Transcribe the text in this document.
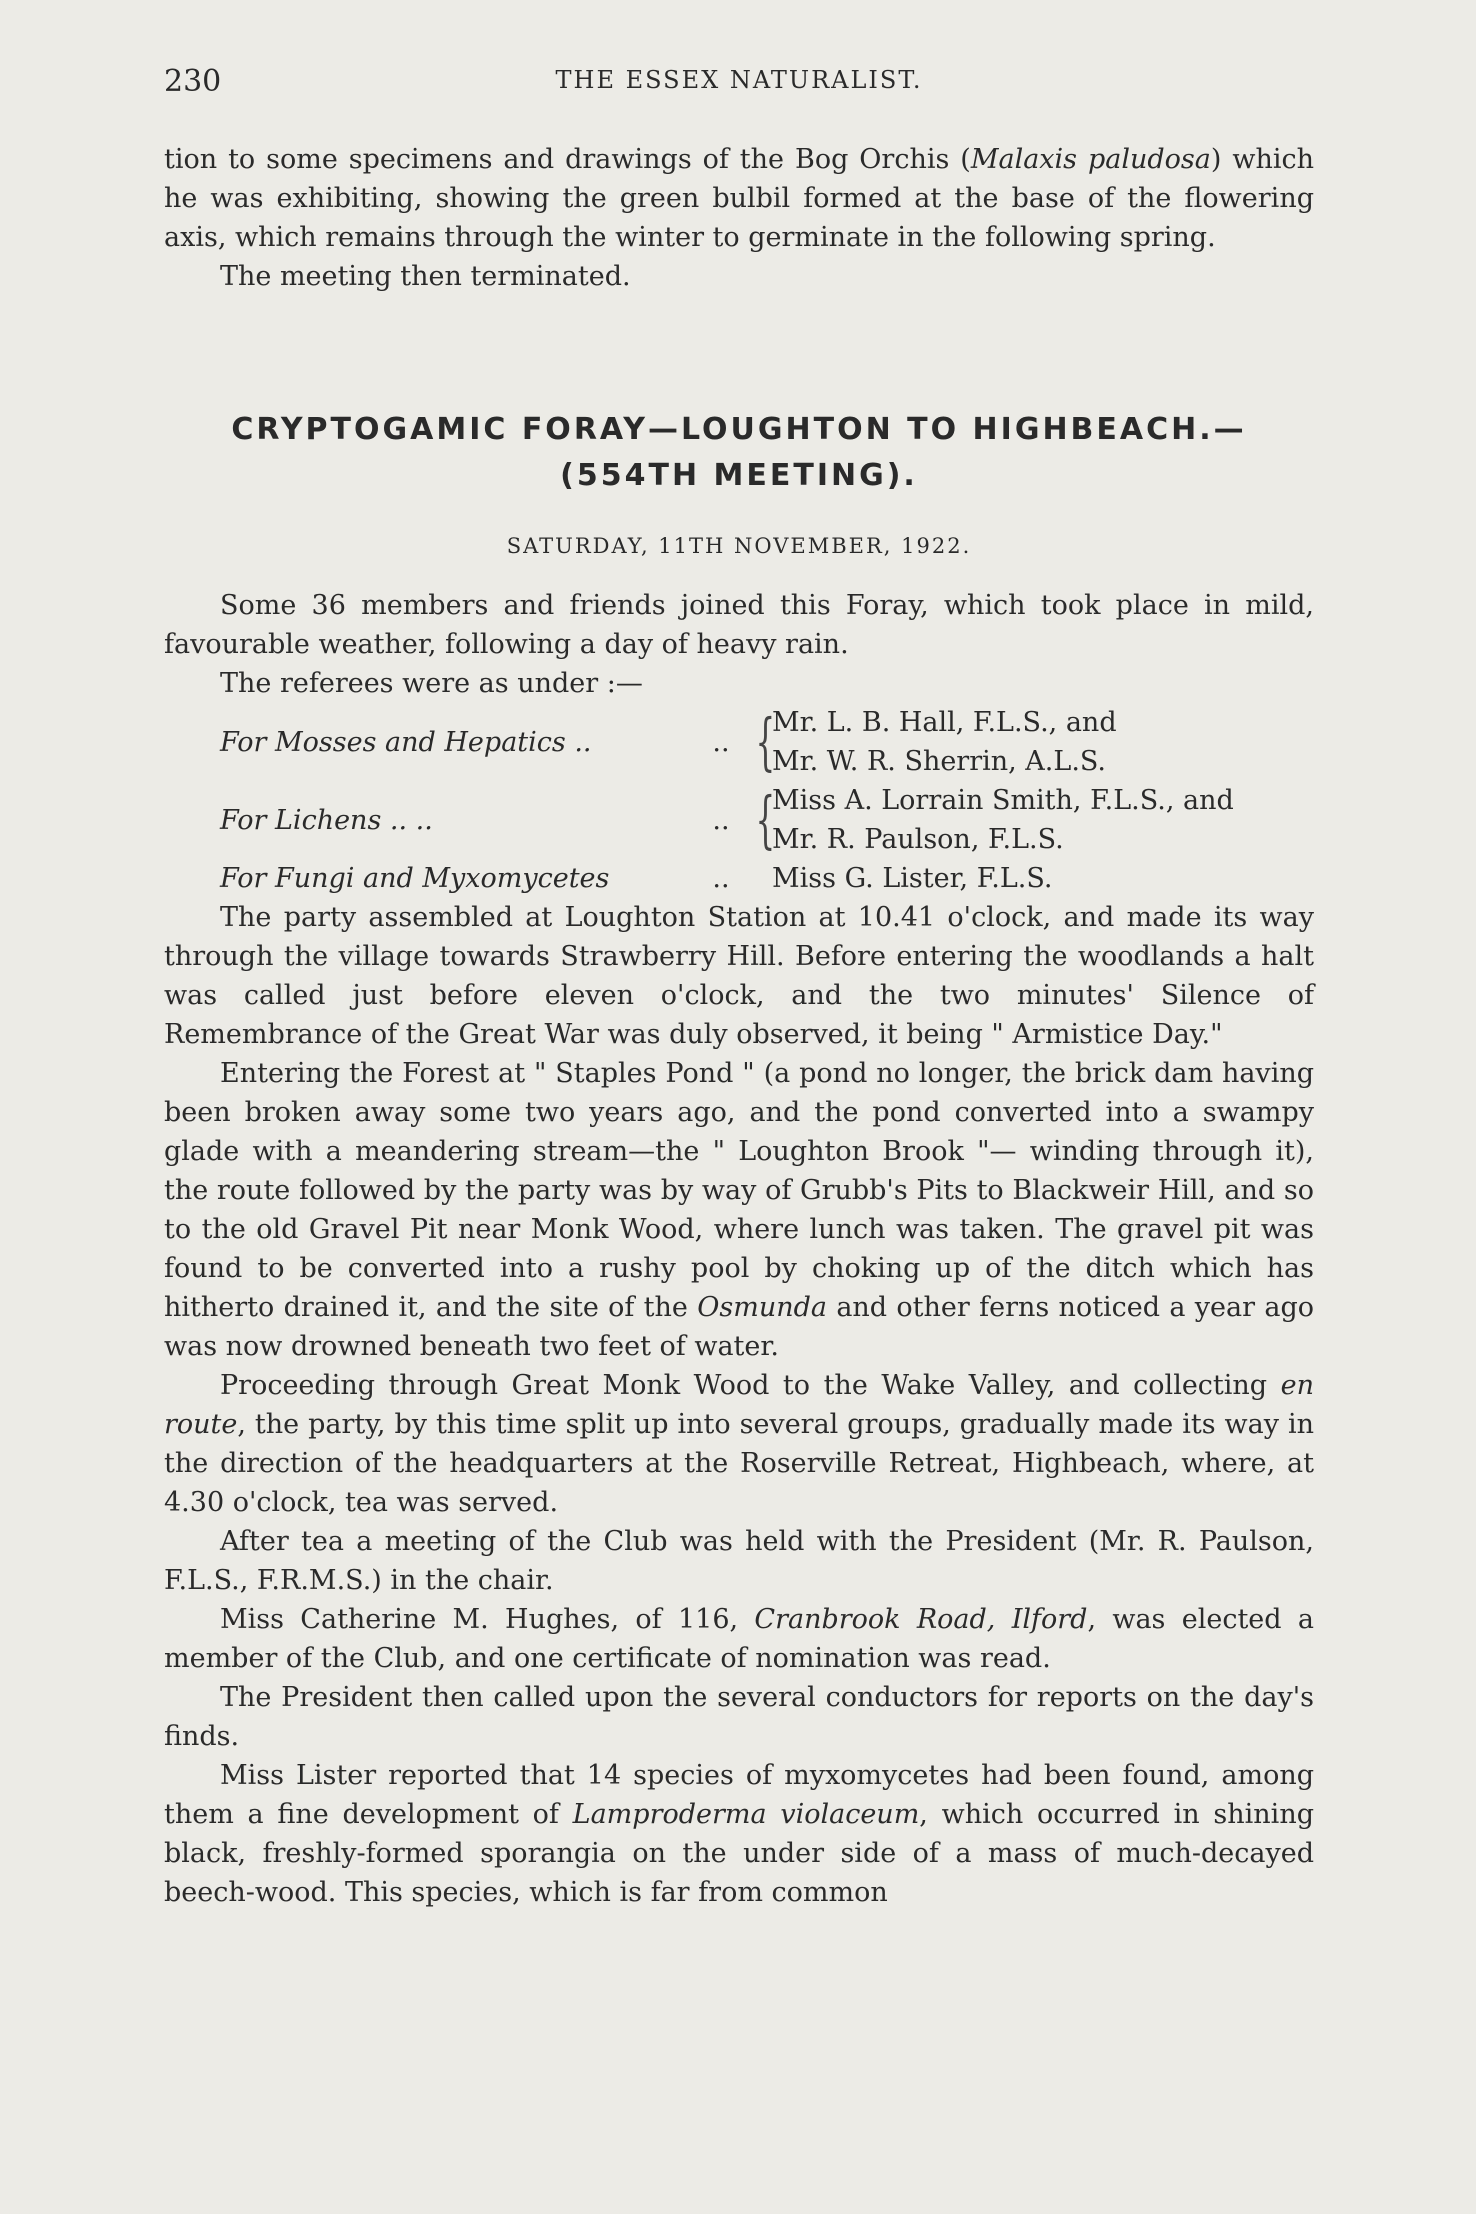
230	THE ESSEX NATURALIST.

tion to some specimens and drawings of the Bog Orchis (Malaxis paludosa) which he was exhibiting, showing the green bulbil formed at the base of the flowering axis, which remains through the winter to germinate in the following spring.

The meeting then terminated.

CRYPTOGAMIC FORAY—LOUGHTON TO HIGHBEACH.—
(554TH MEETING).
SATURDAY, 11TH NOVEMBER, 1922.

Some 36 members and friends joined this Foray, which took place in mild, favourable weather, following a day of heavy rain.

The referees were as under :—

For Mosses and Hepatics ..	.. {
Mr. L. B. Hall, F.L.S., and
Mr. W. R. Sherrin, A.L.S.
For Lichens .. ..	.. {
Miss A. Lorrain Smith, F.L.S., and
Mr. R. Paulson, F.L.S.
For Fungi and Myxomycetes	..	Miss G. Lister, F.L.S.

The party assembled at Loughton Station at 10.41 o'clock, and made its way through the village towards Strawberry Hill. Before entering the woodlands a halt was called just before eleven o'clock, and the two minutes' Silence of Remembrance of the Great War was duly observed, it being " Armistice Day."

Entering the Forest at " Staples Pond " (a pond no longer, the brick dam having been broken away some two years ago, and the pond converted into a swampy glade with a meandering stream—the " Loughton Brook "— winding through it), the route followed by the party was by way of Grubb's Pits to Blackweir Hill, and so to the old Gravel Pit near Monk Wood, where lunch was taken. The gravel pit was found to be converted into a rushy pool by choking up of the ditch which has hitherto drained it, and the site of the Osmunda and other ferns noticed a year ago was now drowned beneath two feet of water.

Proceeding through Great Monk Wood to the Wake Valley, and collecting en route, the party, by this time split up into several groups, gradually made its way in the direction of the headquarters at the Roserville Retreat, Highbeach, where, at 4.30 o'clock, tea was served.

After tea a meeting of the Club was held with the President (Mr. R. Paulson, F.L.S., F.R.M.S.) in the chair.

Miss Catherine M. Hughes, of 116, Cranbrook Road, Ilford, was elected a member of the Club, and one certificate of nomination was read.

The President then called upon the several conductors for reports on the day's finds.

Miss Lister reported that 14 species of myxomycetes had been found, among them a fine development of Lamproderma violaceum, which occurred in shining black, freshly-formed sporangia on the under side of a mass of much-decayed beech-wood. This species, which is far from common
